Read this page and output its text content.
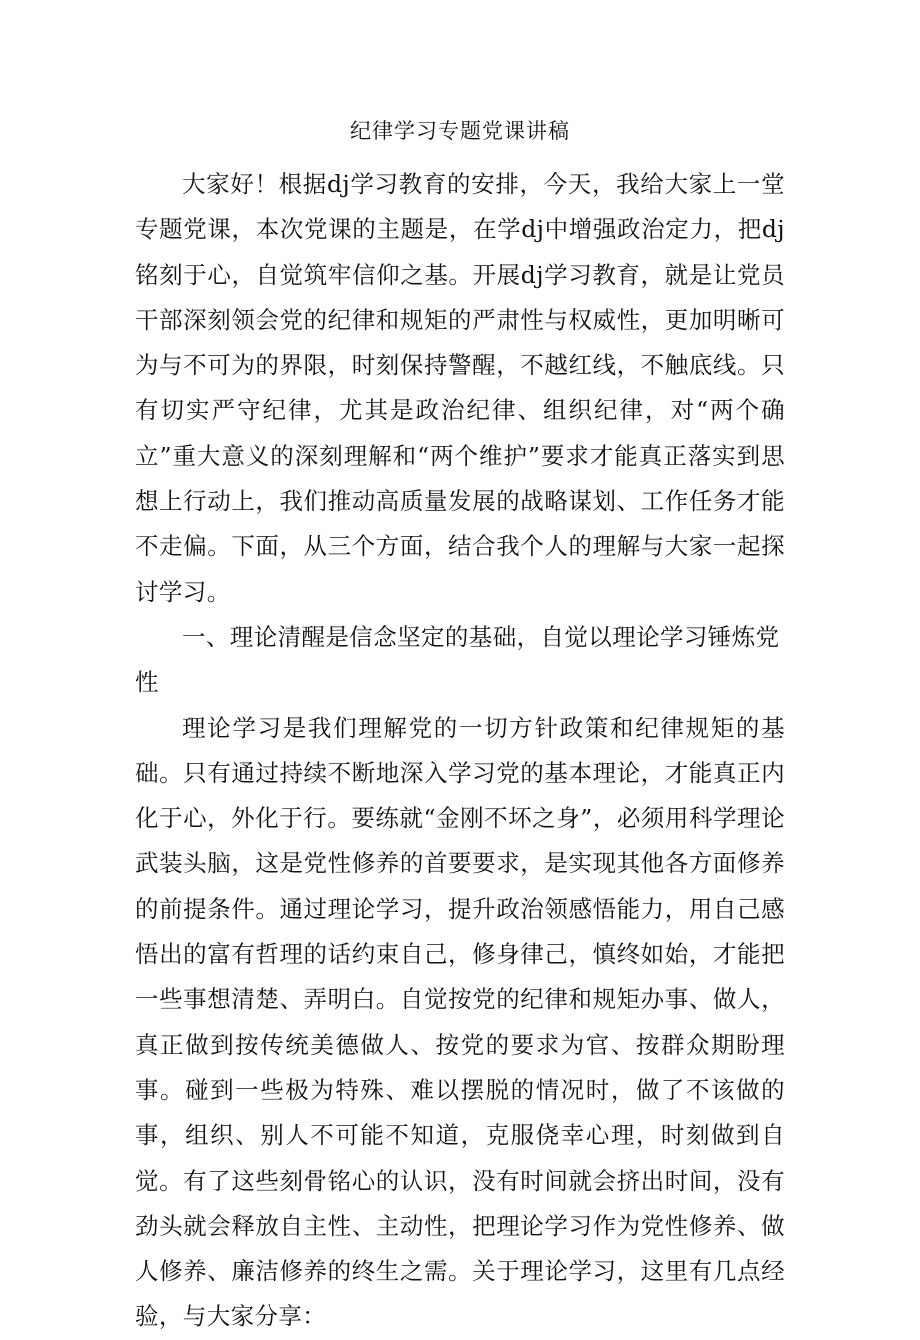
纪律学习专题党课讲稿

大家好！根据dj学习教育的安排，今天，我给大家上一堂专题党课，本次党课的主题是，在学dj中增强政治定力，把dj铭刻于心，自觉筑牢信仰之基。开展dj学习教育，就是让党员干部深刻领会党的纪律和规矩的严肃性与权威性，更加明晰可为与不可为的界限，时刻保持警醒，不越红线，不触底线。只有切实严守纪律，尤其是政治纪律、组织纪律，对“两个确立”重大意义的深刻理解和“两个维护”要求才能真正落实到思想上行动上，我们推动高质量发展的战略谋划、工作任务才能不走偏。下面，从三个方面，结合我个人的理解与大家一起探讨学习。

一、理论清醒是信念坚定的基础，自觉以理论学习锤炼党性

理论学习是我们理解党的一切方针政策和纪律规矩的基础。只有通过持续不断地深入学习党的基本理论，才能真正内化于心，外化于行。要练就“金刚不坏之身”，必须用科学理论武装头脑，这是党性修养的首要要求，是实现其他各方面修养的前提条件。通过理论学习，提升政治领感悟能力，用自己感悟出的富有哲理的话约束自己，修身律己，慎终如始，才能把一些事想清楚、弄明白。自觉按党的纪律和规矩办事、做人，真正做到按传统美德做人、按党的要求为官、按群众期盼理事。碰到一些极为特殊、难以摆脱的情况时，做了不该做的事，组织、别人不可能不知道，克服侥幸心理，时刻做到自觉。有了这些刻骨铭心的认识，没有时间就会挤出时间，没有劲头就会释放自主性、主动性，把理论学习作为党性修养、做人修养、廉洁修养的终生之需。关于理论学习，这里有几点经验，与大家分享：
